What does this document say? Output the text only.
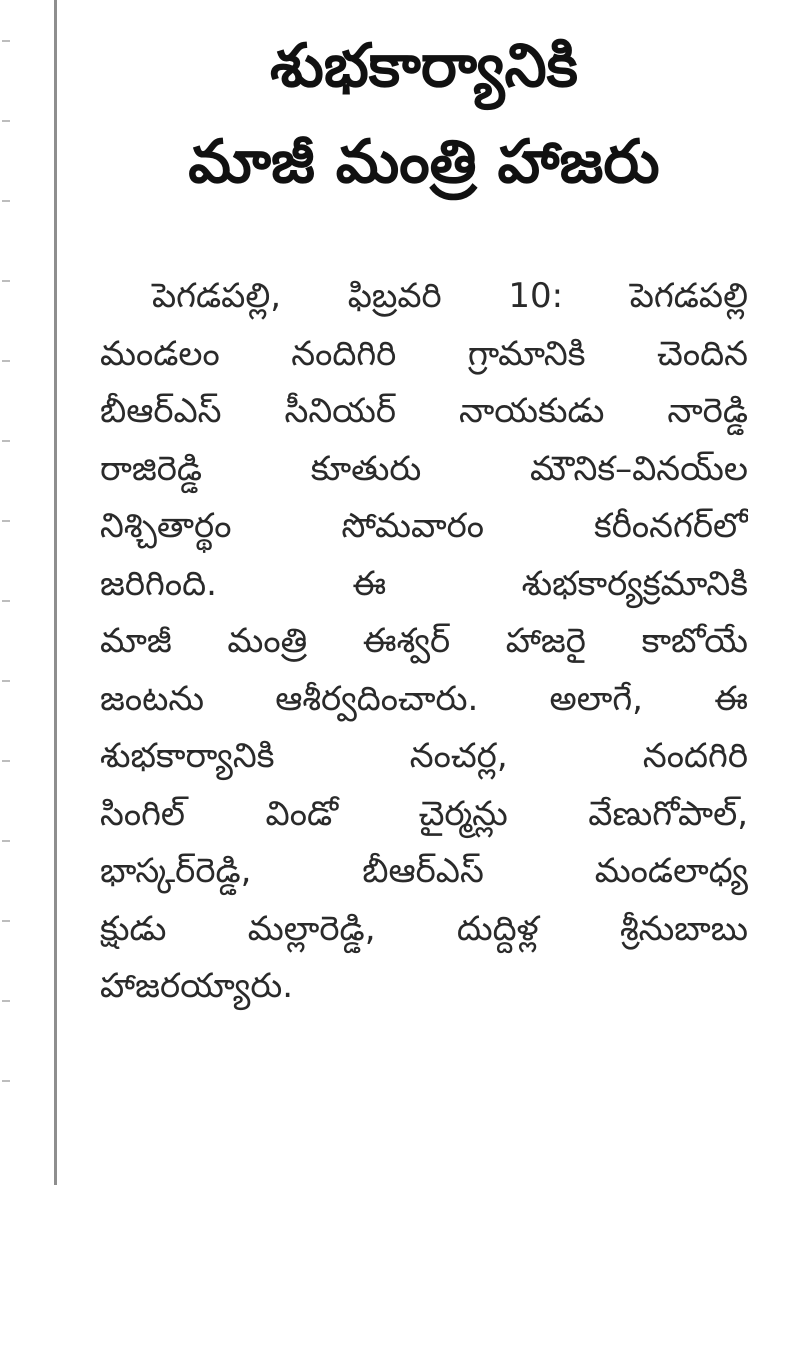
శుభకార్యానికి
మాజీ మంత్రి హాజరు
పెగడపల్లి, ఫిబ్రవరి 10: పెగడపల్లి
మండలం నందిగిరి గ్రామానికి చెందిన
బీఆర్ఎస్ సీనియర్ నాయకుడు నారెడ్డి
రాజిరెడ్డి కూతురు మౌనిక–వినయ్‌ల
నిశ్చితార్థం సోమవారం కరీంనగర్‌లో
జరిగింది. ఈ శుభకార్యక్రమానికి
మాజీ మంత్రి ఈశ్వర్ హాజరై కాబోయే
జంటను ఆశీర్వదించారు. అలాగే, ఈ
శుభకార్యానికి నంచర్ల, నందగిరి
సింగిల్ విండో చైర్మన్లు వేణుగోపాల్,
భాస్కర్‌రెడ్డి, బీఆర్ఎస్ మండలాధ్య
క్షుడు మల్లారెడ్డి, దుద్దిళ్ల శ్రీనుబాబు
హాజరయ్యారు.
